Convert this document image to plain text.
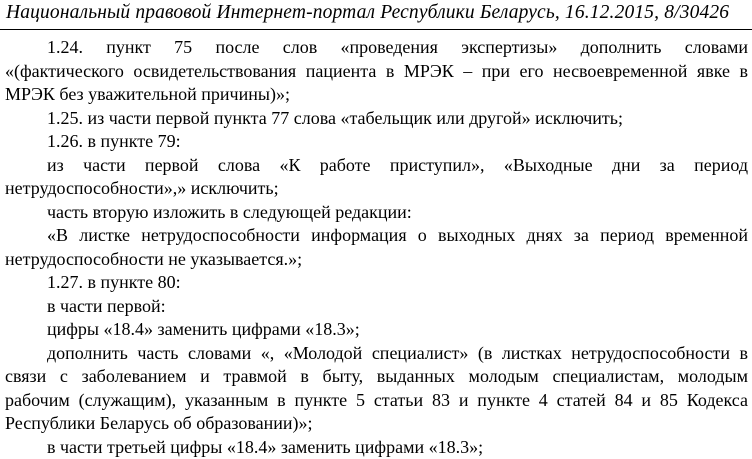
Национальный правовой Интернет-портал Республики Беларусь, 16.12.2015, 8/30426
1.24. пункт 75 после слов «проведения экспертизы» дополнить словами
«(фактического освидетельствования пациента в МРЭК – при его несвоевременной явке в
МРЭК без уважительной причины)»;
1.25. из части первой пункта 77 слова «табельщик или другой» исключить;
1.26. в пункте 79:
из части первой слова «К работе приступил», «Выходные дни за период
нетрудоспособности»,» исключить;
часть вторую изложить в следующей редакции:
«В листке нетрудоспособности информация о выходных днях за период временной
нетрудоспособности не указывается.»;
1.27. в пункте 80:
в части первой:
цифры «18.4» заменить цифрами «18.3»;
дополнить часть словами «, «Молодой специалист» (в листках нетрудоспособности в
связи с заболеванием и травмой в быту, выданных молодым специалистам, молодым
рабочим (служащим), указанным в пункте 5 статьи 83 и пункте 4 статей 84 и 85 Кодекса
Республики Беларусь об образовании)»;
в части третьей цифры «18.4» заменить цифрами «18.3»;
